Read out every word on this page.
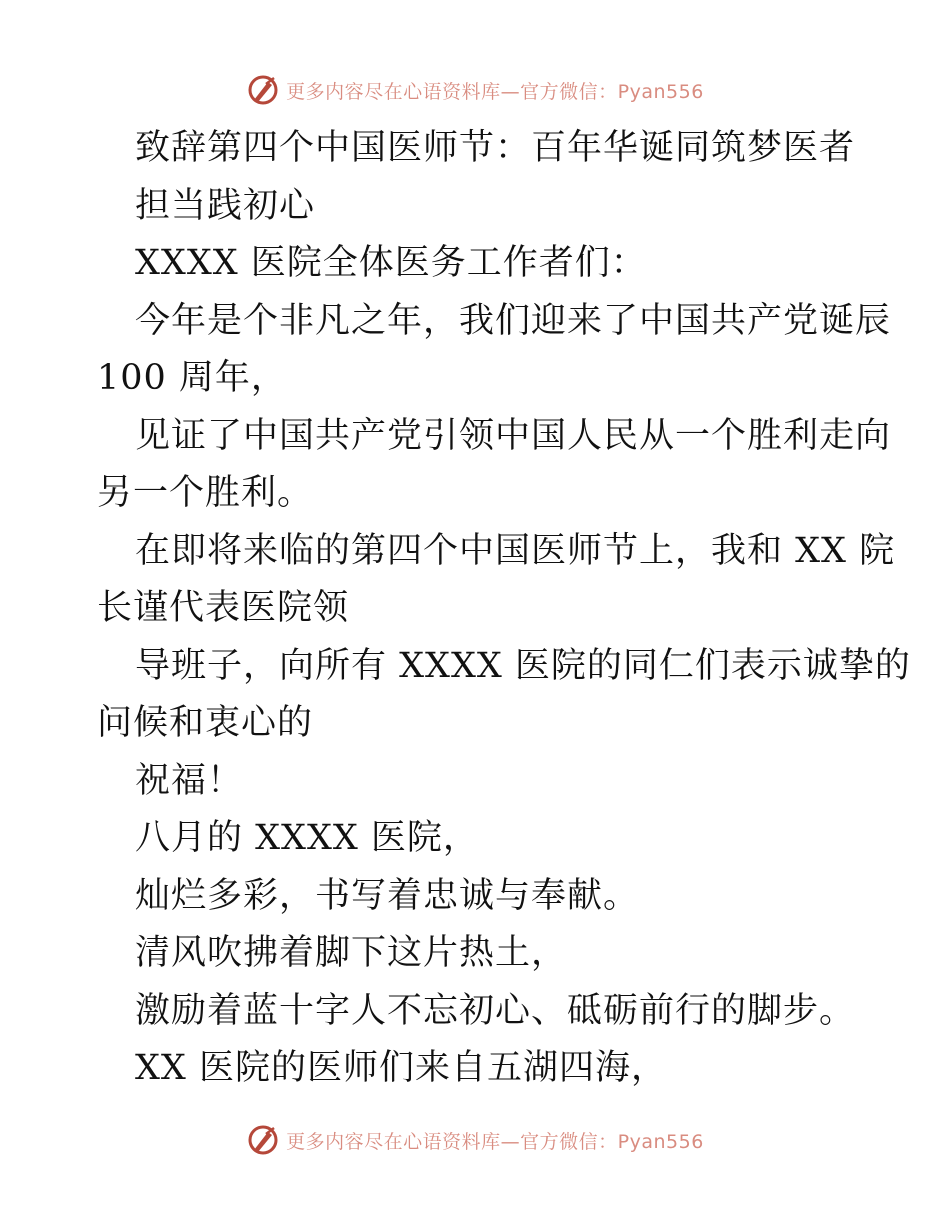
更多内容尽在心语资料库—官方微信：Pyan556
致辞第四个中国医师节：百年华诞同筑梦医者
担当践初心
XXXX 医院全体医务工作者们：
今年是个非凡之年，我们迎来了中国共产党诞辰
100 周年，
见证了中国共产党引领中国人民从一个胜利走向
另一个胜利。
在即将来临的第四个中国医师节上，我和 XX 院
长谨代表医院领
导班子，向所有 XXXX 医院的同仁们表示诚挚的
问候和衷心的
祝福！
八月的 XXXX 医院，
灿烂多彩，书写着忠诚与奉献。
清风吹拂着脚下这片热土，
激励着蓝十字人不忘初心、砥砺前行的脚步。
XX 医院的医师们来自五湖四海，
更多内容尽在心语资料库—官方微信：Pyan556
